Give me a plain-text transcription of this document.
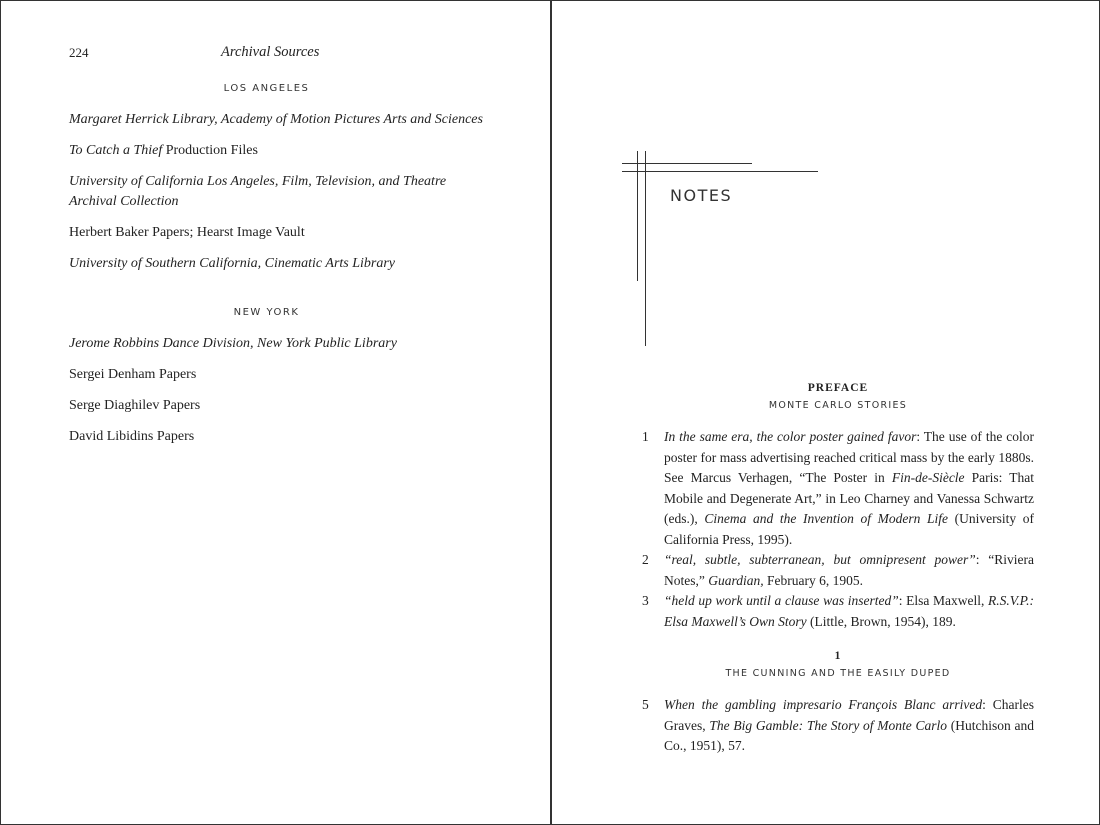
224	Archival Sources
LOS ANGELES
Margaret Herrick Library, Academy of Motion Pictures Arts and Sciences
To Catch a Thief Production Files
University of California Los Angeles, Film, Television, and Theatre Archival Collection
Herbert Baker Papers; Hearst Image Vault
University of Southern California, Cinematic Arts Library
NEW YORK
Jerome Robbins Dance Division, New York Public Library
Sergei Denham Papers
Serge Diaghilev Papers
David Libidins Papers
NOTES
PREFACE
MONTE CARLO STORIES
1	In the same era, the color poster gained favor: The use of the color poster for mass advertising reached critical mass by the early 1880s. See Marcus Verhagen, “The Poster in Fin-de-Siècle Paris: That Mobile and Degenerate Art,” in Leo Charney and Vanessa Schwartz (eds.), Cinema and the Invention of Modern Life (University of California Press, 1995).
2	“real, subtle, subterranean, but omnipresent power”: “Riviera Notes,” Guardian, February 6, 1905.
3	“held up work until a clause was inserted”: Elsa Maxwell, R.S.V.P.: Elsa Maxwell’s Own Story (Little, Brown, 1954), 189.
1
THE CUNNING AND THE EASILY DUPED
5	When the gambling impresario François Blanc arrived: Charles Graves, The Big Gamble: The Story of Monte Carlo (Hutchison and Co., 1951), 57.
